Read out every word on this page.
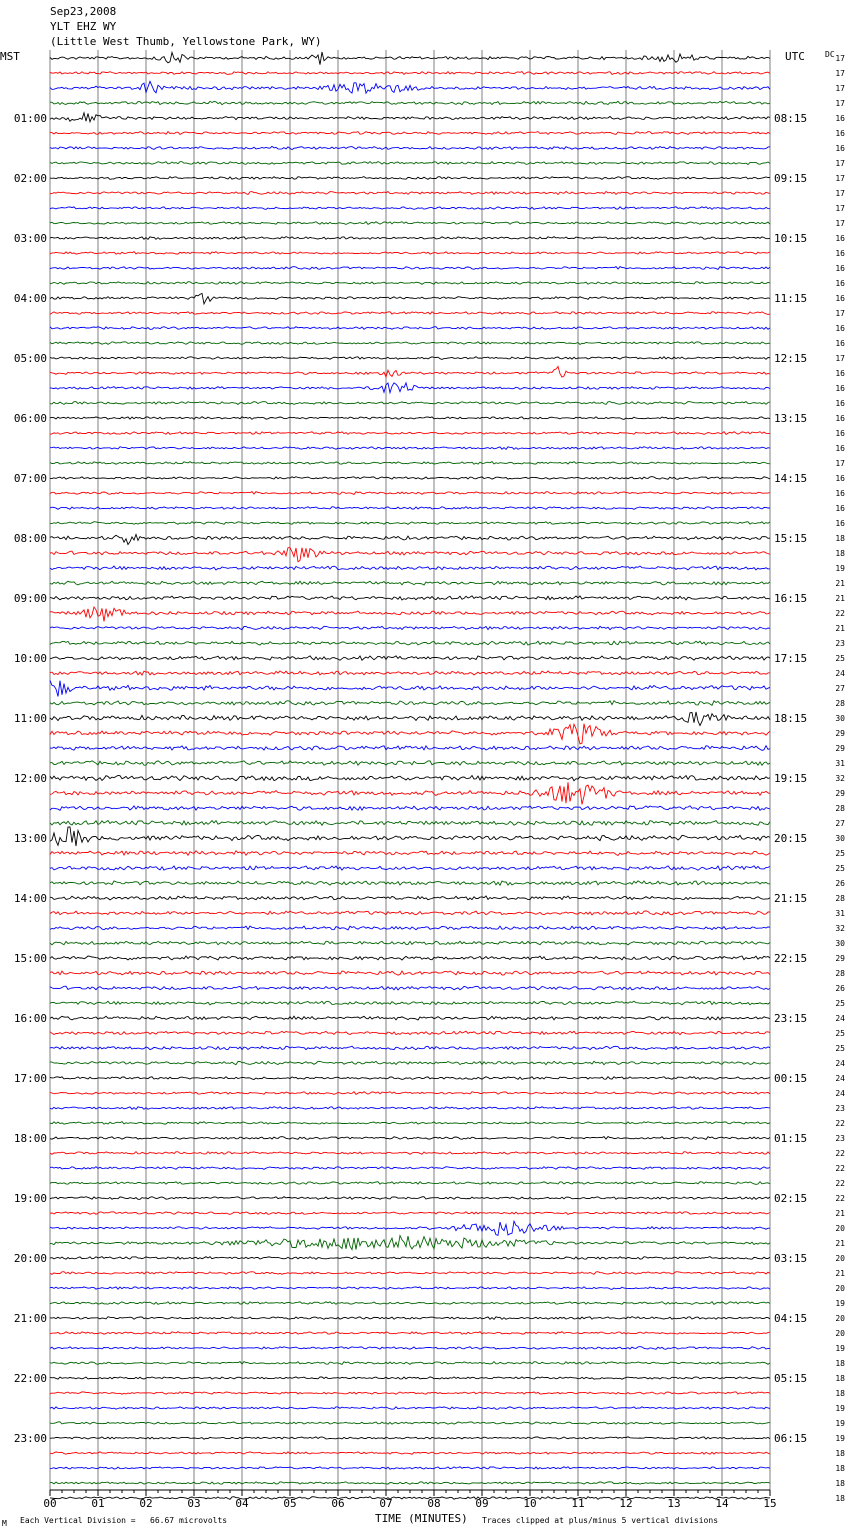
Sep23,2008
YLT EHZ WY
(Little West Thumb, Yellowstone Park, WY)
MST	UTC	DC
00	01	02	03	04	05	06	07	08	09	10	11	12	13	14	15
01:00
02:00
03:00
04:00
05:00
06:00
07:00
08:00
09:00
10:00
11:00
12:00
13:00
14:00
15:00
16:00
17:00
18:00
19:00
20:00
21:00
22:00
23:00
08:15
09:15
10:15
11:15
12:15
13:15
14:15
15:15
16:15
17:15
18:15
19:15
20:15
21:15
22:15
23:15
00:15
01:15
02:15
03:15
04:15
05:15
06:15
17
17
17
17
16
16
16
17
17
17
17
17
16
16
16
16
16
17
16
16
17
16
16
16
16
16
16
17
16
16
16
16
18
18
19
21
21
22
21
23
25
24
27
28
30
29
29
31
32
29
28
27
30
25
25
26
28
31
32
30
29
28
26
25
24
25
25
24
24
24
23
22
23
22
22
22
22
21
20
21
20
21
20
19
20
20
19
18
18
18
19
19
19
18
18
18
18
M Each Vertical Division =   66.67 microvolts	TIME (MINUTES) Traces clipped at plus/minus 5 vertical divisions
